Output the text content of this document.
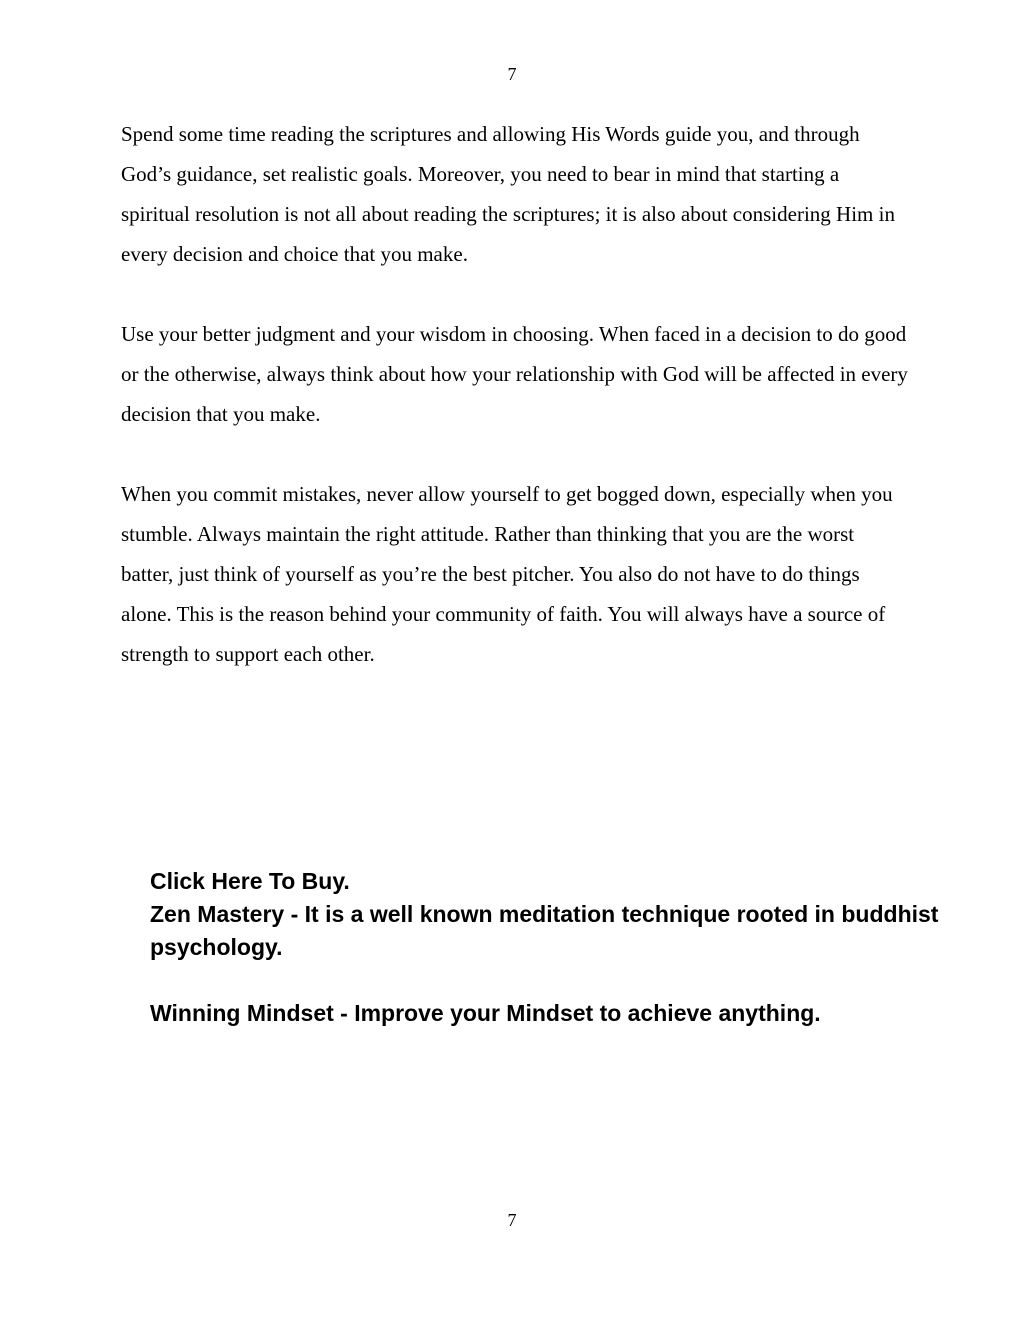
7

Spend some time reading the scriptures and allowing His Words guide you, and through God’s guidance, set realistic goals. Moreover, you need to bear in mind that starting a spiritual resolution is not all about reading the scriptures; it is also about considering Him in every decision and choice that you make.

Use your better judgment and your wisdom in choosing. When faced in a decision to do good or the otherwise, always think about how your relationship with God will be affected in every decision that you make.

When you commit mistakes, never allow yourself to get bogged down, especially when you stumble. Always maintain the right attitude. Rather than thinking that you are the worst batter, just think of yourself as you’re the best pitcher. You also do not have to do things alone. This is the reason behind your community of faith. You will always have a source of strength to support each other.

Click Here To Buy.
Zen Mastery - It is a well known meditation technique rooted in buddhist psychology.
Winning Mindset - Improve your Mindset to achieve anything.
7
